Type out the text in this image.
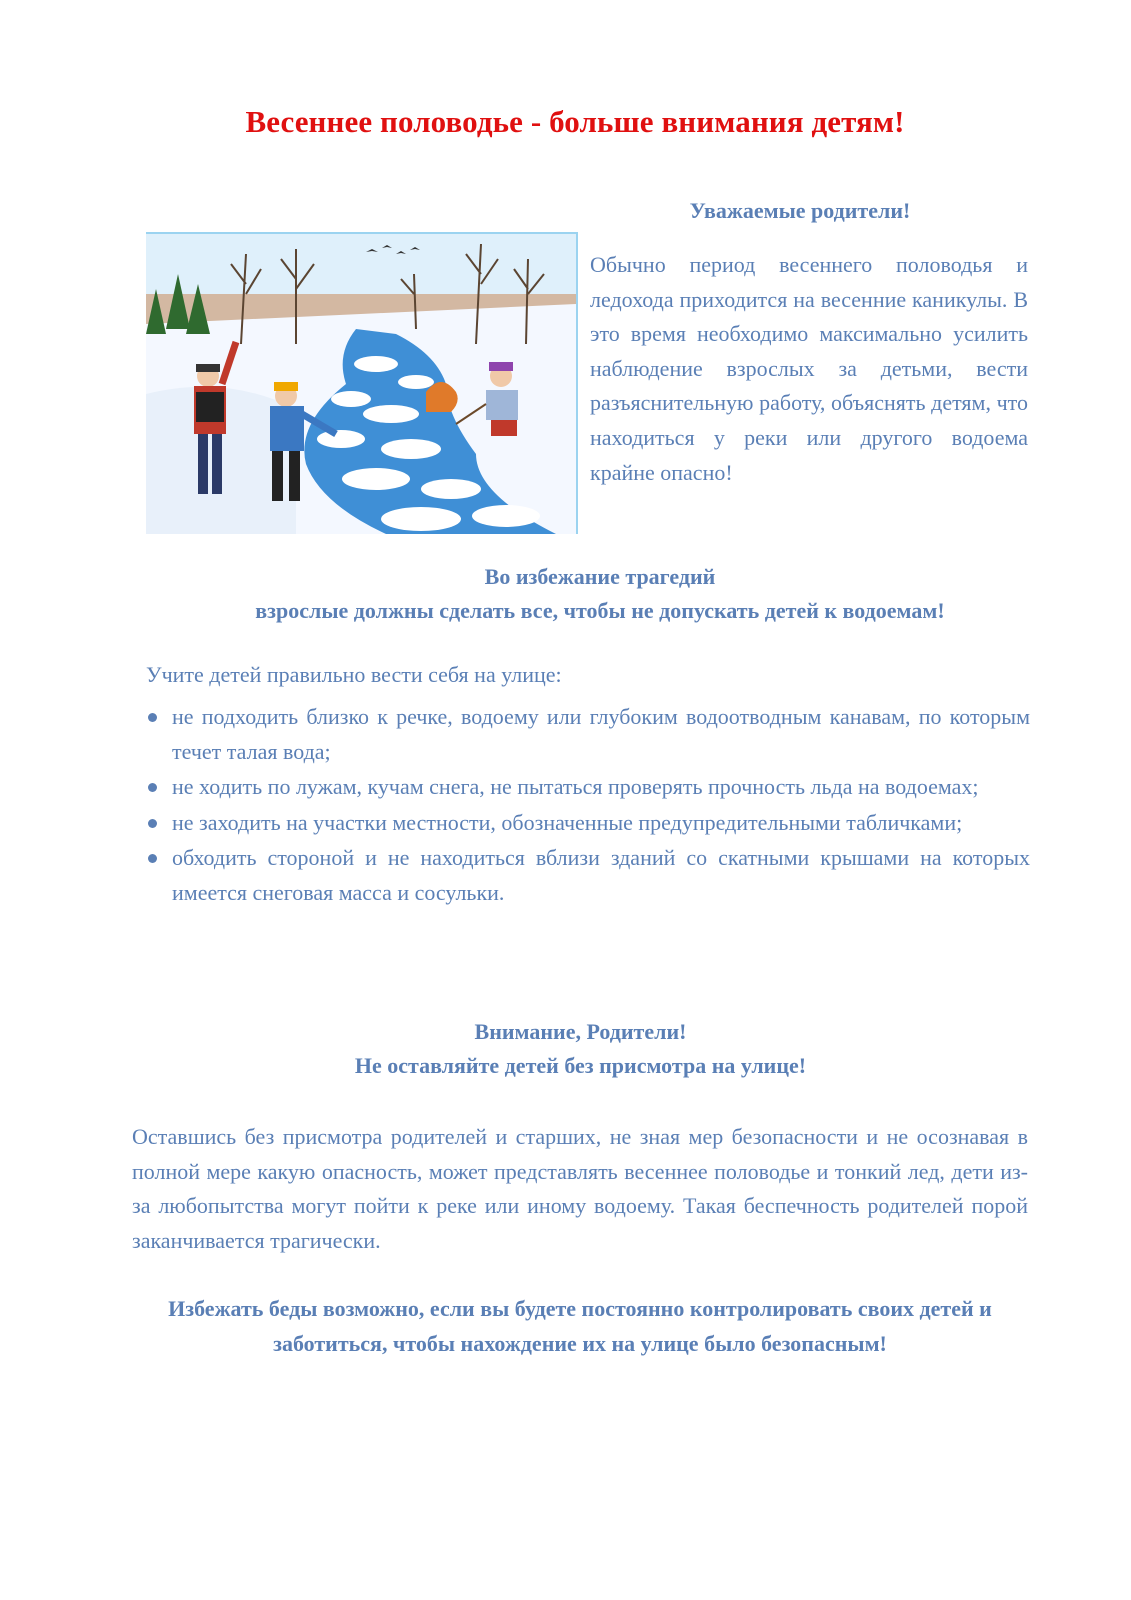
Весеннее половодье - больше внимания детям!
Уважаемые родители!

Обычно период весеннего половодья и ледохода приходится на весенние каникулы. В это время необходимо максимально усилить наблюдение взрослых за детьми, вести разъяснительную работу, объяснять детям, что находиться у реки или другого водоема крайне опасно!

Во избежание трагедий
взрослые должны сделать все, чтобы не допускать детей к водоемам!
Учите детей правильно вести себя на улице:
не подходить близко к речке, водоему или глубоким водоотводным канавам, по которым течет талая вода;
не ходить по лужам, кучам снега, не пытаться проверять прочность льда на водоемах;
не заходить на участки местности, обозначенные предупредительными табличками;
обходить стороной и не находиться вблизи зданий со скатными крышами на которых имеется снеговая масса и сосульки.
Внимание, Родители!
Не оставляйте детей без присмотра на улице!

Оставшись без присмотра родителей и старших, не зная мер безопасности и не осознавая в полной мере какую опасность, может представлять весеннее половодье и тонкий лед, дети из-за любопытства могут пойти к реке или иному водоему. Такая беспечность родителей порой заканчивается трагически.

Избежать беды возможно, если вы будете постоянно контролировать своих детей и заботиться, чтобы нахождение их на улице было безопасным!
